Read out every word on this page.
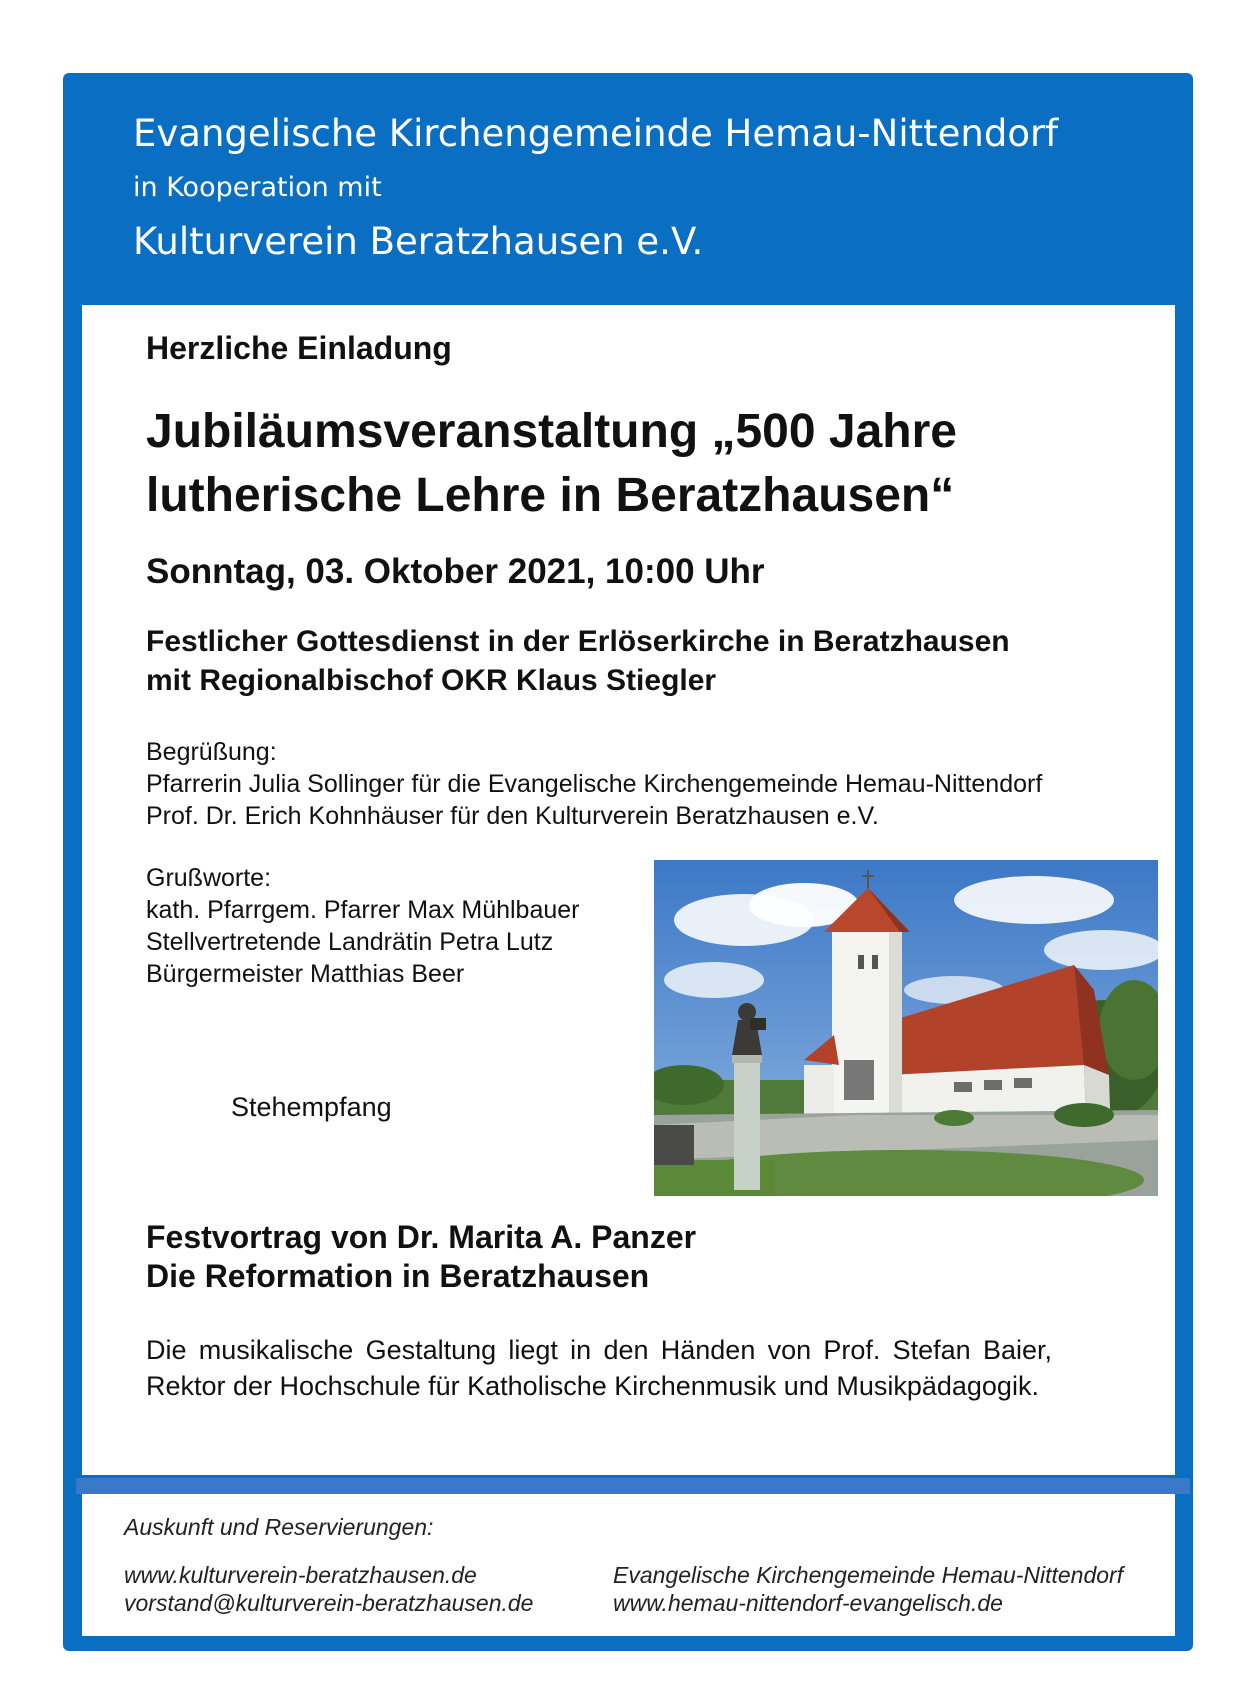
Evangelische Kirchengemeinde Hemau-Nittendorf
in Kooperation mit
Kulturverein Beratzhausen e.V.
Herzliche Einladung
Jubiläumsveranstaltung „500 Jahre
lutherische Lehre in Beratzhausen“
Sonntag, 03. Oktober 2021, 10:00 Uhr
Festlicher Gottesdienst in der Erlöserkirche in Beratzhausen
mit Regionalbischof OKR Klaus Stiegler
Begrüßung:
Pfarrerin Julia Sollinger für die Evangelische Kirchengemeinde Hemau-Nittendorf
Prof. Dr. Erich Kohnhäuser für den Kulturverein Beratzhausen e.V.
Grußworte:
kath. Pfarrgem. Pfarrer Max Mühlbauer
Stellvertretende Landrätin Petra Lutz
Bürgermeister Matthias Beer
Stehempfang
Festvortrag von Dr. Marita A. Panzer
Die Reformation in Beratzhausen
Die musikalische Gestaltung liegt in den Händen von Prof. Stefan Baier, Rektor der Hochschule für Katholische Kirchenmusik und Musikpädagogik.
Auskunft und Reservierungen:
www.kulturverein-beratzhausen.de
vorstand@kulturverein-beratzhausen.de
Evangelische Kirchengemeinde Hemau-Nittendorf
www.hemau-nittendorf-evangelisch.de
